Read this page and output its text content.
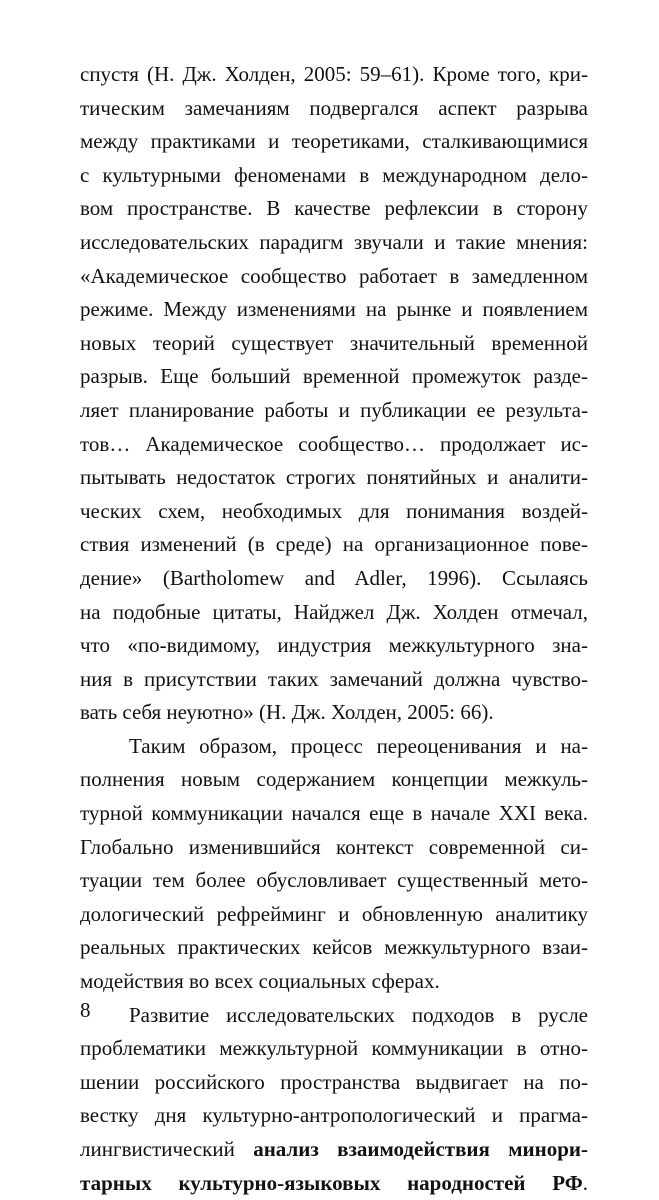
спустя (Н. Дж. Холден, 2005: 59–61). Кроме того, кри-
тическим замечаниям подвергался аспект разрыва
между практиками и теоретиками, сталкивающимися
с культурными феноменами в международном дело-
вом пространстве. В качестве рефлексии в сторону
исследовательских парадигм звучали и такие мнения:
«Академическое сообщество работает в замедленном
режиме. Между изменениями на рынке и появлением
новых теорий существует значительный временной
разрыв. Еще больший временной промежуток разде-
ляет планирование работы и публикации ее результа-
тов… Академическое сообщество… продолжает ис-
пытывать недостаток строгих понятийных и аналити-
ческих схем, необходимых для понимания воздей-
ствия изменений (в среде) на организационное пове-
дение» (Bartholomew and Adler, 1996). Ссылаясь
на подобные цитаты, Найджел Дж. Холден отмечал,
что «по-видимому, индустрия межкультурного зна-
ния в присутствии таких замечаний должна чувство-
вать себя неуютно» (Н. Дж. Холден, 2005: 66).
Таким образом, процесс переоценивания и на-
полнения новым содержанием концепции межкуль-
турной коммуникации начался еще в начале XXI века.
Глобально изменившийся контекст современной си-
туации тем более обусловливает существенный мето-
дологический рефрейминг и обновленную аналитику
реальных практических кейсов межкультурного взаи-
модействия во всех социальных сферах.
Развитие исследовательских подходов в русле
проблематики межкультурной коммуникации в отно-
шении российского пространства выдвигает на по-
вестку дня культурно-антропологический и прагма-
лингвистический анализ взаимодействия минори-
тарных культурно-языковых народностей РФ.
8
